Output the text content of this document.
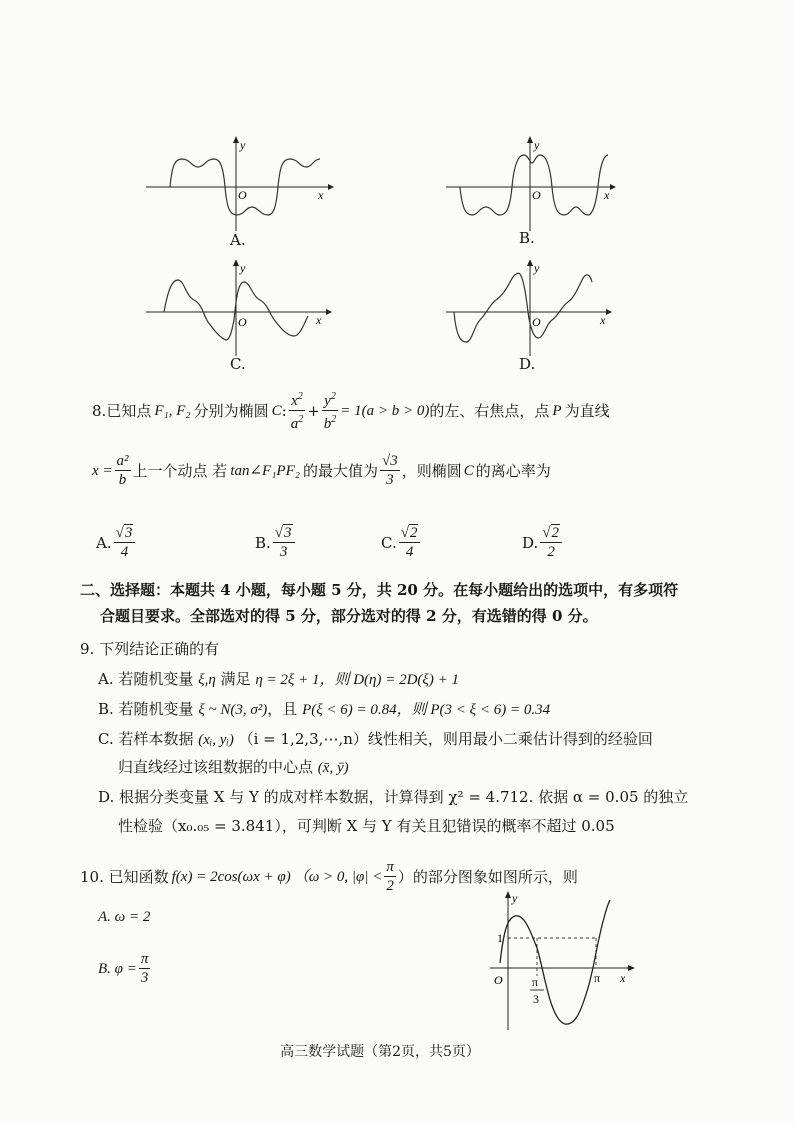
y
O	x
A.
y
O	x
B.
y
O	x
C.
y
O	x
D.
8. 已知点 F₁, F₂ 分别为椭圆 C : $\frac{x^2}{a^2} + \frac{y^2}{b^2} = 1(a > b > 0)$ 的左、右焦点，点 P 为直线
$x = \frac{\text{a²}}{b}$ 上一个动点 若 tan∠F₁PF₂ 的最大值为 $\frac{√3}{3}$ ，则椭圆 C 的离心率为
A. $\frac{√3}{4}$	B. $\frac{√3}{3}$	C. $\frac{√2}{4}$	D. $\frac{√2}{2}$
二、选择题：本题共 4 小题，每小题 5 分，共 20 分。在每小题给出的选项中，有多项符
合题目要求。全部选对的得 5 分，部分选对的得 2 分，有选错的得 0 分。
9. 下列结论正确的有
A. 若随机变量 ξ,η 满足 η = 2ξ + 1，则 D(η) = 2D(ξ) + 1
B. 若随机变量 ξ ~ N(3, σ²)，且 P(ξ < 6) = 0.84，则 P(3 < ξ < 6) = 0.34
C. 若样本数据 (xᵢ, yᵢ) （i = 1,2,3,⋯,n）线性相关，则用最小二乘估计得到的经验回
归直线经过该组数据的中心点 (x̄, ȳ)
D. 根据分类变量 X 与 Y 的成对样本数据，计算得到 χ² = 4.712. 依据 α = 0.05 的独立
性检验（x₀.₀₅ = 3.841），可判断 X 与 Y 有关且犯错误的概率不超过 0.05
10. 已知函数 f(x) = 2cos(ωx + φ) （ω > 0, $|\varphi| < \frac{\pi}{2}$ ）的部分图象如图所示，则
A. ω = 2
B. $\varphi = \frac{\pi}{3}$
y
1
O π
3
π x
高三数学试题（第2页，共5页）
